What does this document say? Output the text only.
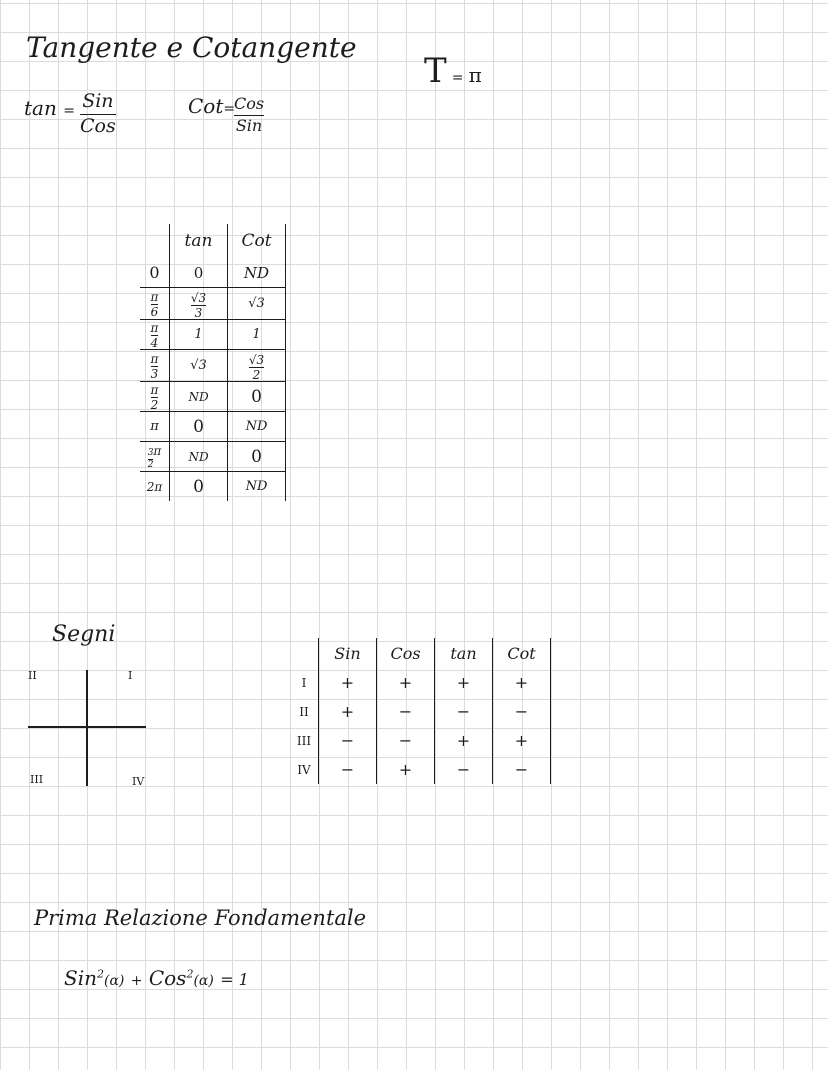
Tangente e Cotangente
T = π
tan = Sin
Cos
Cot=
Cos
Sin
	tan	Cot
0	0	ND

$\frac{\pi}{6}$	$\frac{√3}{3}$	√3

$\frac{\pi}{4}$	1	1

$\frac{\pi}{3}$	√3	$\frac{√3}{2}$

$\frac{\pi}{2}$	ND	0
π	0	ND

$\frac{3}{2}$ π	ND	0
2π	0	ND
Segni
II	I
III	IV
	Sin	Cos	tan	Cot
I	+	+	+	+
II	+	−	−	−
III	−	−	+	+
IV	−	+	−	−
Prima Relazione Fondamentale
Sin$^2$(α) + Cos$^2$(α) = 1
